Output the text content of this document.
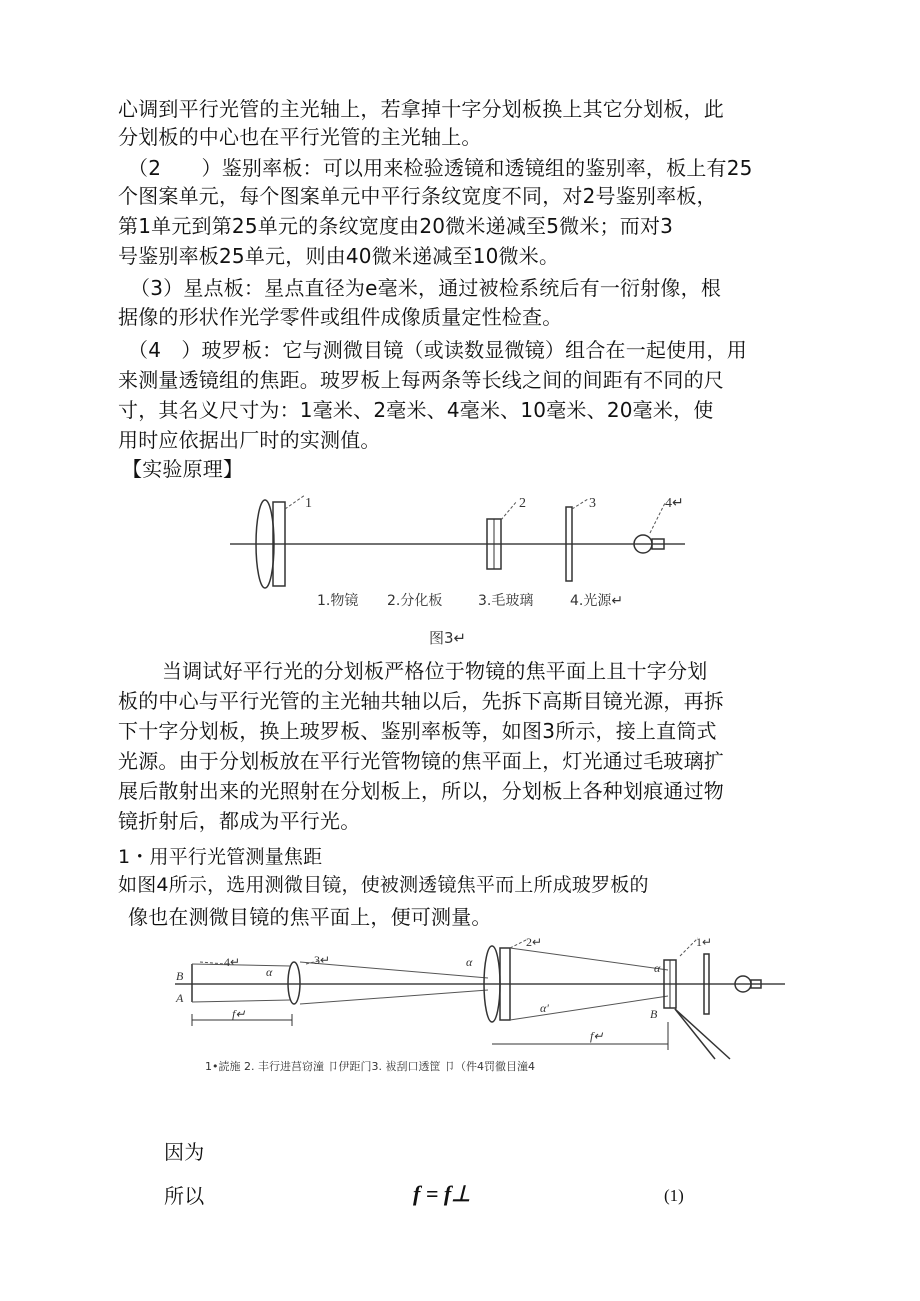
心调到平行光管的主光轴上，若拿掉十字分划板换上其它分划板，此
分划板的中心也在平行光管的主光轴上。
（2　　）鉴别率板：可以用来检验透镜和透镜组的鉴别率，板上有25
个图案单元，每个图案单元中平行条纹宽度不同，对2号鉴别率板，
第1单元到第25单元的条纹宽度由20微米递减至5微米；而对3
号鉴别率板25单元，则由40微米递减至10微米。
（3）星点板：星点直径为e毫米，通过被检系统后有一衍射像，根
据像的形状作光学零件或组件成像质量定性检查。
（4　）玻罗板：它与测微目镜（或读数显微镜）组合在一起使用，用
来测量透镜组的焦距。玻罗板上每两条等长线之间的间距有不同的尺
寸，其名义尺寸为：1毫米、2毫米、4毫米、10毫米、20毫米，使
用时应依据出厂时的实测值。
【实验原理】
1	2	3	4↵
1.物镜 2.分化板	3.毛玻璃	4.光源↵
图3↵
当调试好平行光的分划板严格位于物镜的焦平面上且十字分划
板的中心与平行光管的主光轴共轴以后，先拆下高斯目镜光源，再拆
下十字分划板，换上玻罗板、鉴别率板等，如图3所示，接上直筒式
光源。由于分划板放在平行光管物镜的焦平面上，灯光通过毛玻璃扩
展后散射出来的光照射在分划板上，所以，分划板上各种划痕通过物
镜折射后，都成为平行光。
1・用平行光管测量焦距
如图4所示，选用测微目镜，使被测透镜焦平而上所成玻罗板的
像也在测微目镜的焦平面上，便可测量。
4↵	3↵
2↵	1↵
B
A
α
α	α
α'
f↵
f↵
B
1•読施 2. 丰行进莒窃潼 卩伊距门3. 袚刮口透筐 卩（件4罚徹目潼4
因为
所以	f = f⊥	(1)
